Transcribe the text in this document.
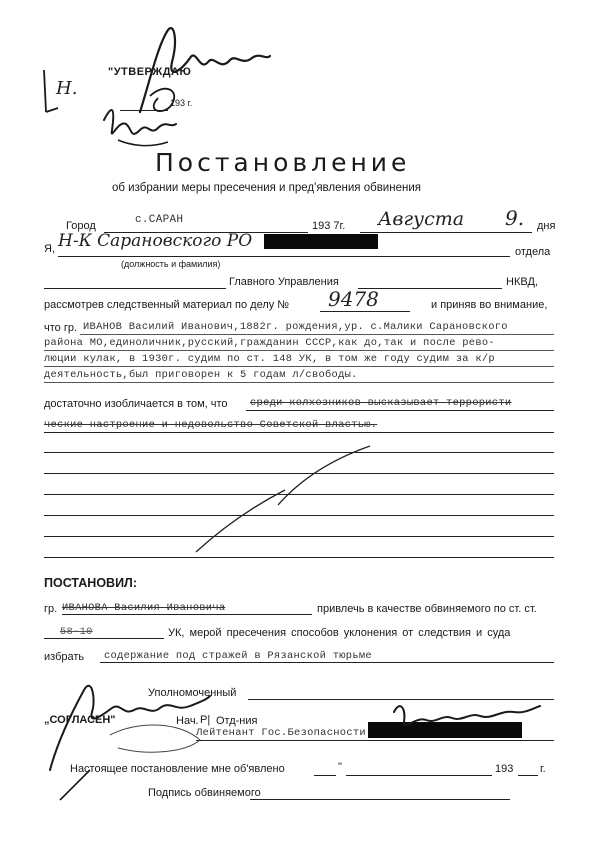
Н.
"УТВЕРЖДАЮ
193 г.
Постановление
об избрании меры пресечения и пред'явления обвинения
Город	с.САРАН	193 7г. Августа 9. дня
Я, Н-К Сарановского РО
отдела
(должность и фамилия)
Главного Управления	НКВД,
рассмотрев следственный материал по делу № 9478	и приняв во внимание,
что гр. ИВАНОВ Василий Иванович,1882г. рождения,ур. с.Малики Сарановского
района МО,единоличник,русский,гражданин СССР,как до,так и после рево-
люции кулак, в 1930г. судим по ст. 148 УК, в том же году судим за к/р
деятельность,был приговорен к 5 годам л/свободы.
достаточно изобличается в том, что среди колхозников высказывает террористи
ческие настроение и недовольство Советской властью.
ПОСТАНОВИЛ:
гр. ИВАНОВА Василия Ивановича	привлечь в качестве обвиняемого по ст. ст.
58-10	УК, мерой пресечения способов уклонения от следствия и суда
избрать содержание под стражей в Рязанской тюрьме
Уполномоченный
„СОГЛАСЕН"	Нач. Р| Отд-ния
Лейтенант Гос.Безопасности
Настоящее постановление мне об'явлено	"	193 г.
Подпись обвиняемого
